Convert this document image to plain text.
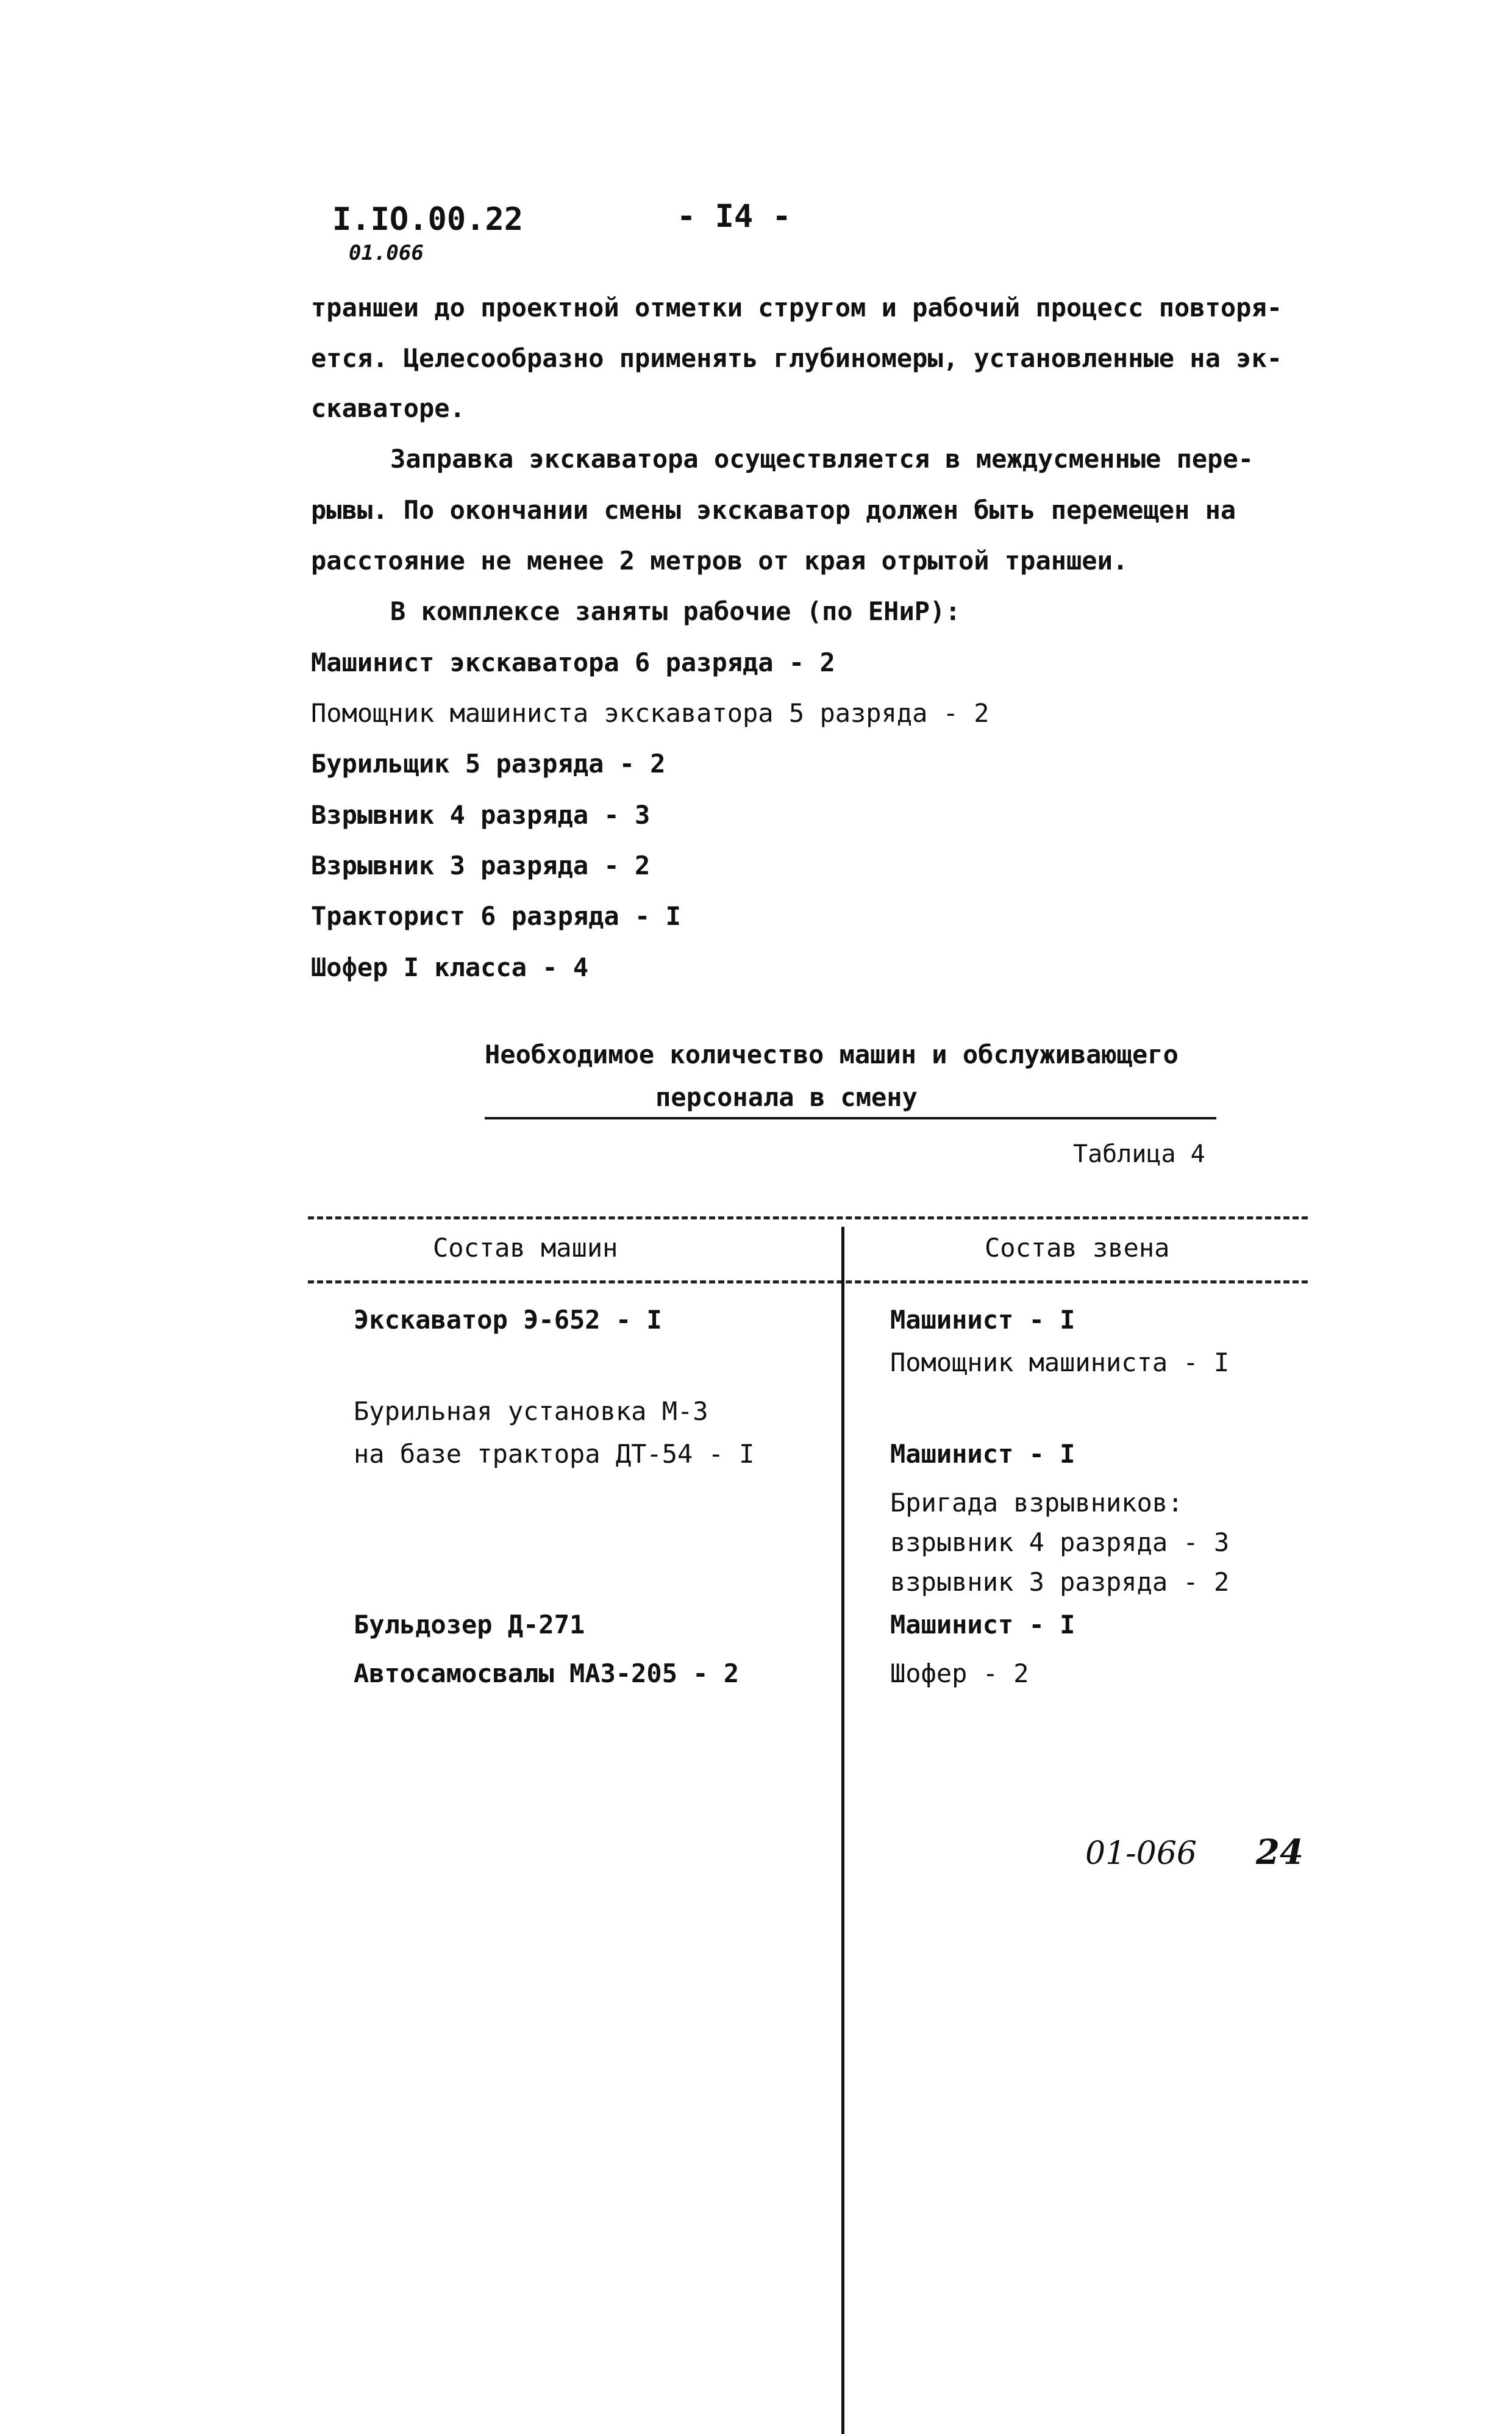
I.IO.00.22
01.066
- I4 -
траншеи до проектной отметки стругом и рабочий процесс повторя-
ется. Целесообразно применять глубиномеры, установленные на эк-
скаваторе.
Заправка экскаватора осуществляется в междусменные пере-
рывы. По окончании смены экскаватор должен быть перемещен на
расстояние не менее 2 метров от края отрытой траншеи.
В комплексе заняты рабочие (по ЕНиР):
Машинист экскаватора 6 разряда - 2
Помощник машиниста экскаватора 5 разряда - 2
Бурильщик 5 разряда - 2
Взрывник 4 разряда - 3
Взрывник 3 разряда - 2
Тракторист 6 разряда - I
Шофер I класса - 4
Необходимое количество машин и обслуживающего
персонала в смену
Таблица 4
Состав машин	Состав звена
Экскаватор Э-652 - I
Бурильная установка М-3
на базе трактора ДТ-54 - I
Бульдозер Д-271
Автосамосвалы МАЗ-205 - 2
Машинист - I
Помощник машиниста - I
Машинист - I
Бригада взрывников:
взрывник 4 разряда - 3
взрывник 3 разряда - 2
Машинист - I
Шофер - 2
01-066 24
